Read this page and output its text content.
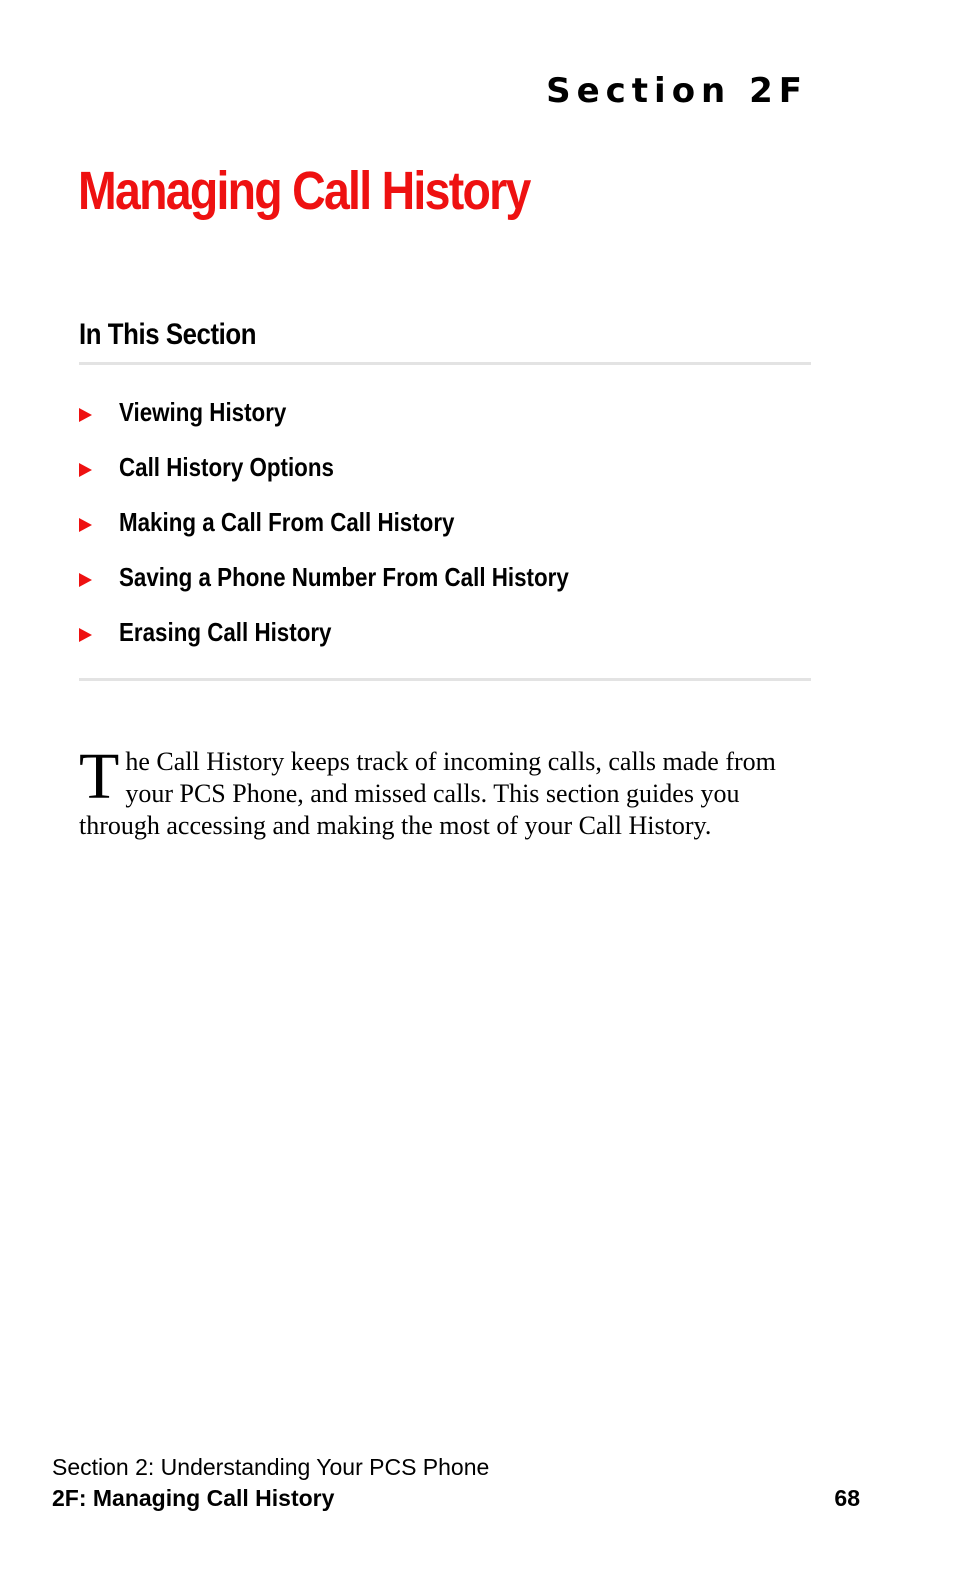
Section 2F
Managing Call History
In This Section
Viewing History
Call History Options
Making a Call From Call History
Saving a Phone Number From Call History
Erasing Call History

The Call History keeps track of incoming calls, calls made from your PCS Phone, and missed calls. This section guides you through accessing and making the most of your Call History.

Section 2: Understanding Your PCS Phone
2F: Managing Call History	68
